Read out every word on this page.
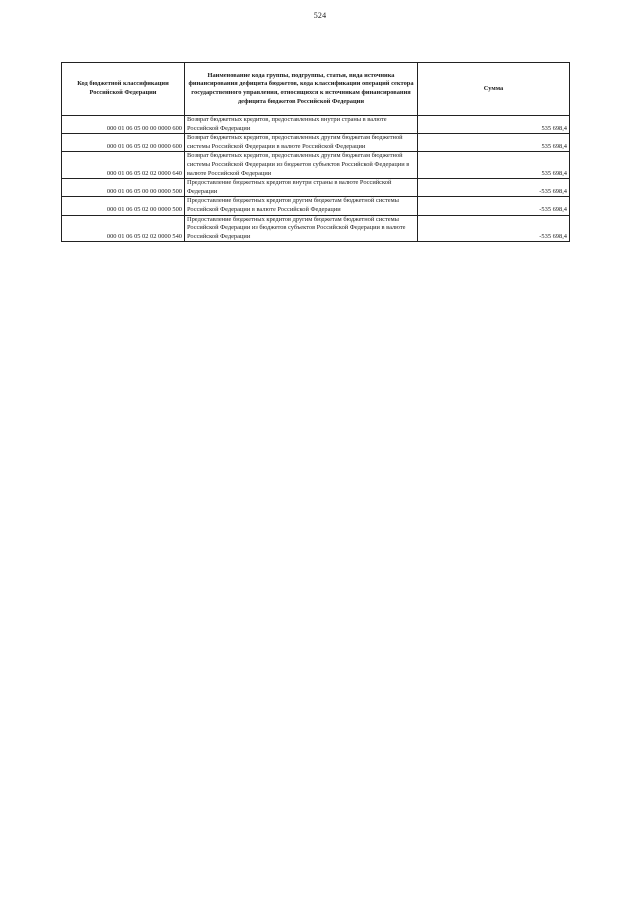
524
Код бюджетной классификации Российской Федерации	Наименование кода группы, подгруппы, статьи, вида источника финансирования дефицита бюджетов, кода классификации операций сектора государственного управления, относящихся к источникам финансирования дефицита бюджетов Российской Федерации	Сумма
000 01 06 05 00 00 0000 600	Возврат бюджетных кредитов, предоставленных внутри страны в валюте Российской Федерации	535 698,4
000 01 06 05 02 00 0000 600	Возврат бюджетных кредитов, предоставленных другим бюджетам бюджетной системы Российской Федерации в валюте Российской Федерации	535 698,4
000 01 06 05 02 02 0000 640	Возврат бюджетных кредитов, предоставленных другим бюджетам бюджетной системы Российской Федерации из бюджетов субъектов Российской Федерации в валюте Российской Федерации	535 698,4
000 01 06 05 00 00 0000 500	Предоставление бюджетных кредитов внутри страны в валюте Российской Федерации	-535 698,4
000 01 06 05 02 00 0000 500	Предоставление бюджетных кредитов другим бюджетам бюджетной системы Российской Федерации в валюте Российской Федерации	-535 698,4
000 01 06 05 02 02 0000 540	Предоставление бюджетных кредитов другим бюджетам бюджетной системы Российской Федерации из бюджетов субъектов Российской Федерации в валюте Российской Федерации	-535 698,4
